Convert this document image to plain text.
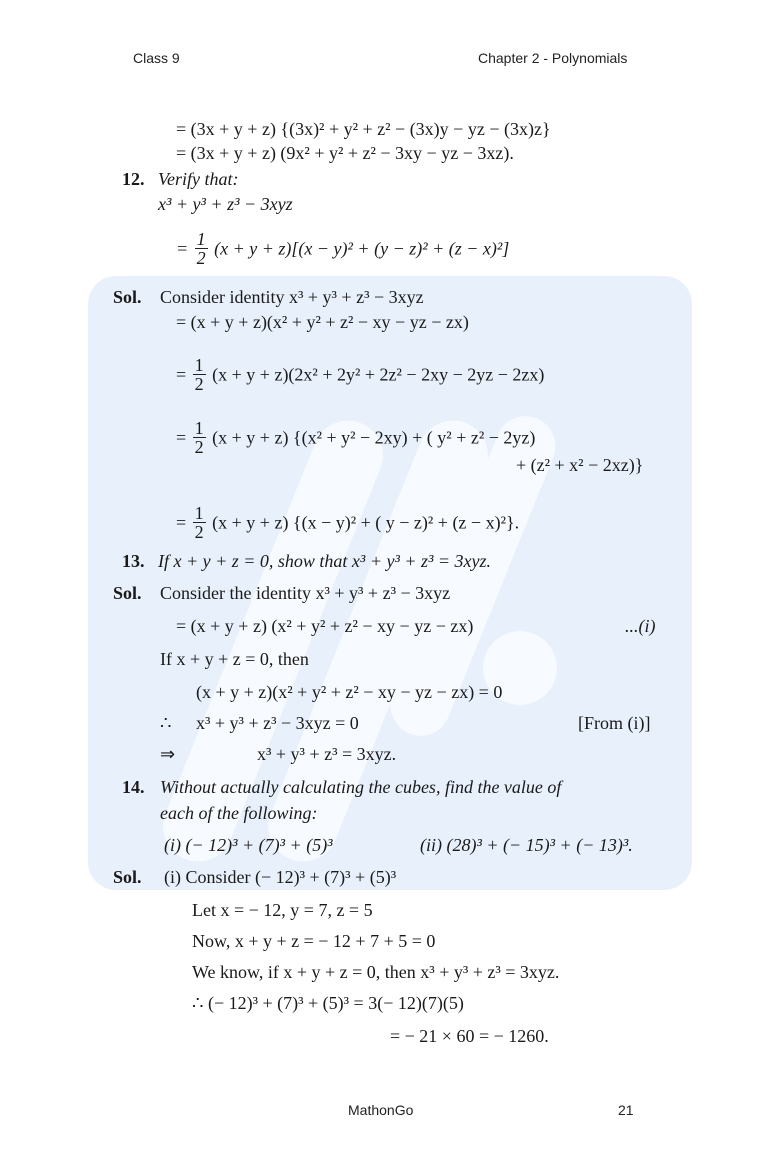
Class 9	Chapter 2 - Polynomials
= (3x + y + z) {(3x)² + y² + z² − (3x)y − yz − (3x)z}
= (3x + y + z) (9x² + y² + z² − 3xy − yz − 3xz).
12. Verify that:
x³ + y³ + z³ − 3xyz
= $\frac{1}{2} (x + y + z)[(x - y)^2 + (y - z)^2 + (z - x)^2]$
Sol. Consider identity x³ + y³ + z³ − 3xyz
= (x + y + z)(x² + y² + z² − xy − yz − zx)
= $\frac{1}{2} (x + y + z)(2x^2 + 2y^2 + 2z^2 - 2xy - 2yz - 2zx)$
= $\frac{1}{2} (x + y + z) \{(x^2 + y^2 - 2xy)$ + ( y² + z² − 2yz)
+ (z² + x² − 2xz)}
= $\frac{1}{2} (x + y + z) \{(x - y)^2$ + ( y − z)² + (z − x)²}.
13. If x + y + z = 0, show that x³ + y³ + z³ = 3xyz.
Sol. Consider the identity x³ + y³ + z³ − 3xyz
= (x + y + z) (x² + y² + z² − xy − yz − zx)	...(i)
If x + y + z = 0, then
(x + y + z)(x² + y² + z² − xy − yz − zx) = 0
∴ x³ + y³ + z³ − 3xyz = 0	[From (i)]
⇒	x³ + y³ + z³ = 3xyz.
14. Without actually calculating the cubes, find the value of
each of the following:
(i) (− 12)³ + (7)³ + (5)³	(ii) (28)³ + (− 15)³ + (− 13)³.
Sol. (i) Consider (− 12)³ + (7)³ + (5)³
Let x = − 12, y = 7, z = 5
Now, x + y + z = − 12 + 7 + 5 = 0
We know, if x + y + z = 0, then x³ + y³ + z³ = 3xyz.
∴ (− 12)³ + (7)³ + (5)³ = 3(− 12)(7)(5)
= − 21 × 60 = − 1260.
MathonGo	21
